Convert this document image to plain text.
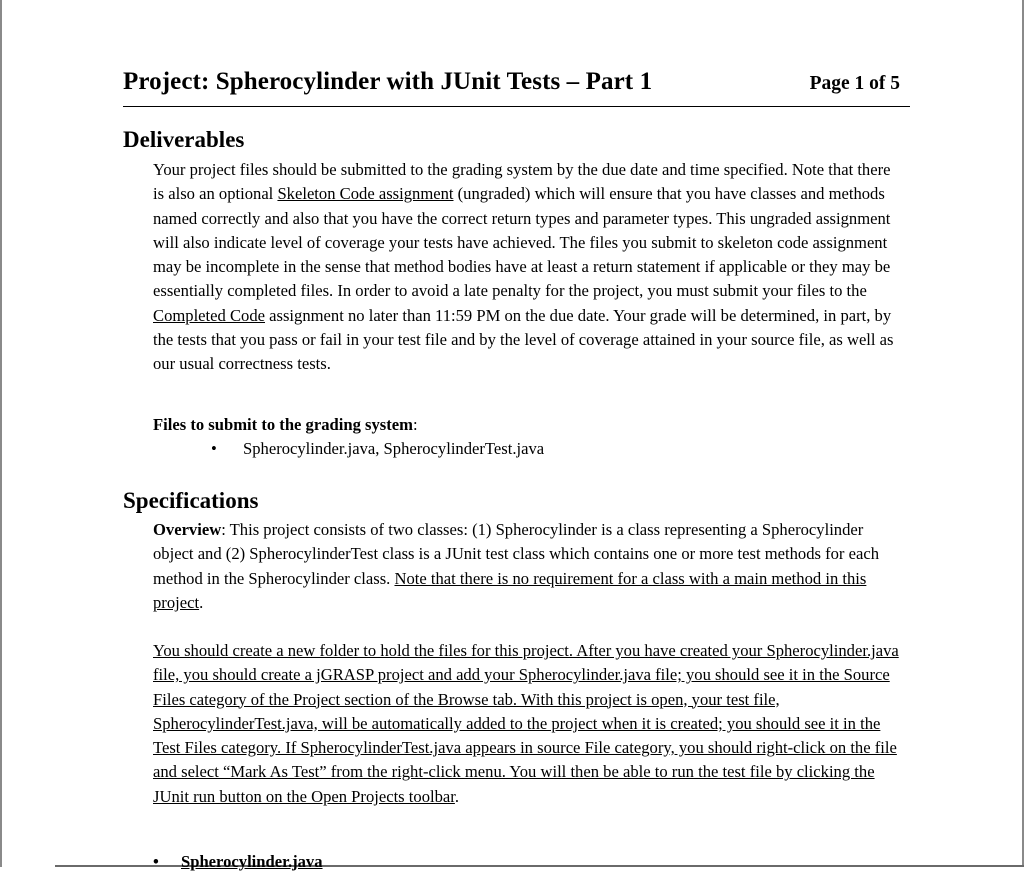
Project: Spherocylinder with JUnit Tests – Part 1	Page 1 of 5
Deliverables

Your project files should be submitted to the grading system by the due date and time specified. Note that there is also an optional Skeleton Code assignment (ungraded) which will ensure that you have classes and methods named correctly and also that you have the correct return types and parameter types. This ungraded assignment will also indicate level of coverage your tests have achieved. The files you submit to skeleton code assignment may be incomplete in the sense that method bodies have at least a return statement if applicable or they may be essentially completed files. In order to avoid a late penalty for the project, you must submit your files to the Completed Code assignment no later than 11:59 PM on the due date. Your grade will be determined, in part, by the tests that you pass or fail in your test file and by the level of coverage attained in your source file, as well as our usual correctness tests.

Files to submit to the grading system:
• Spherocylinder.java, SpherocylinderTest.java
Specifications

Overview: This project consists of two classes: (1) Spherocylinder is a class representing a Spherocylinder object and (2) SpherocylinderTest class is a JUnit test class which contains one or more test methods for each method in the Spherocylinder class. Note that there is no requirement for a class with a main method in this project.

You should create a new folder to hold the files for this project. After you have created your Spherocylinder.java file, you should create a jGRASP project and add your Spherocylinder.java file; you should see it in the Source Files category of the Project section of the Browse tab. With this project is open, your test file, SpherocylinderTest.java, will be automatically added to the project when it is created; you should see it in the Test Files category. If SpherocylinderTest.java appears in source File category, you should right-click on the file and select “Mark As Test” from the right-click menu. You will then be able to run the test file by clicking the JUnit run button on the Open Projects toolbar.

• Spherocylinder.java
